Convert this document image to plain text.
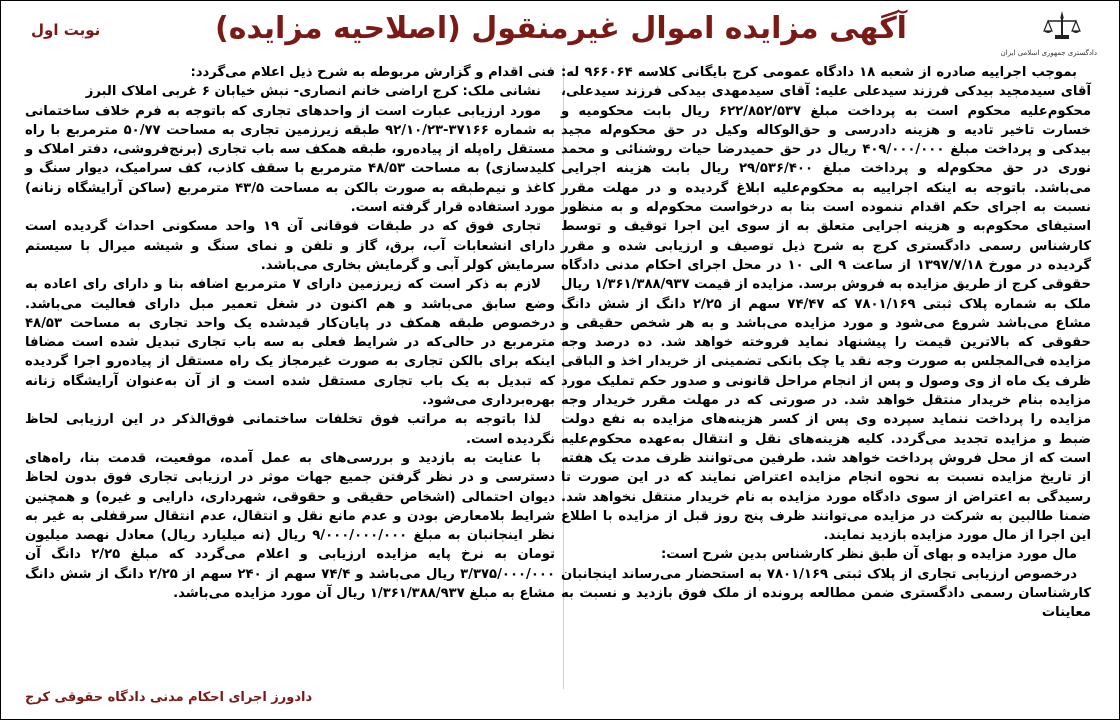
نوبت اول	آگهی مزایده اموال غیرمنقول (اصلاحیه مزایده)
دادگستری جمهوری اسلامی ایران

بموجب اجراییه صادره از شعبه ۱۸ دادگاه عمومی کرج بایگانی کلاسه ۹۶۶۰۶۴ له: آقای سیدمجید بیدکی فرزند سیدعلی علیه: آقای سیدمهدی بیدکی فرزند سیدعلی، محکوم‌علیه محکوم است به پرداخت مبلغ ۶۲۲/۸۵۲/۵۳۷ ریال بابت محکومیه و خسارت تاخیر تادیه و هزینه دادرسی و حق‌الوکاله وکیل در حق محکوم‌له مجید بیدکی و پرداخت مبلغ ۴۰۹/۰۰۰/۰۰۰ ریال در حق حمیدرضا حیات روشنائی و محمد نوری در حق محکوم‌له و پرداخت مبلغ ۲۹/۵۳۶/۴۰۰ ریال بابت هزینه اجرایی می‌باشد. باتوجه به اینکه اجراییه به محکوم‌علیه ابلاغ گردیده و در مهلت مقرر نسبت به اجرای حکم اقدام ننموده است بنا به درخواست محکوم‌له و به منظور استیفای محکوم‌به و هزینه اجرایی متعلق به از سوی این اجرا توقیف و توسط کارشناس رسمی دادگستری کرج به شرح ذیل توصیف و ارزیابی شده و مقرر گردیده در مورخ ۱۳۹۷/۷/۱۸ از ساعت ۹ الی ۱۰ در محل اجرای احکام مدنی دادگاه حقوقی کرج از طریق مزایده به فروش برسد. مزایده از قیمت ۱/۳۶۱/۳۸۸/۹۳۷ ریال ملک به شماره پلاک ثبتی ۷۸۰۱/۱۶۹ که ۷۴/۴۷ سهم از ۲/۲۵ دانگ از شش دانگ مشاع می‌باشد شروع می‌شود و مورد مزایده می‌باشد و به هر شخص حقیقی و حقوقی که بالاترین قیمت را پیشنهاد نماید فروخته خواهد شد. ده درصد وجه مزایده فی‌المجلس به صورت وجه نقد یا چک بانکی تضمینی از خریدار اخذ و الباقی ظرف یک ماه از وی وصول و پس از انجام مراحل قانونی و صدور حکم تملیک مورد مزایده بنام خریدار منتقل خواهد شد. در صورتی که در مهلت مقرر خریدار وجه مزایده را پرداخت ننماید سپرده وی پس از کسر هزینه‌های مزایده به نفع دولت ضبط و مزایده تجدید می‌گردد. کلیه هزینه‌های نقل و انتقال به‌عهده محکوم‌علیه است که از محل فروش پرداخت خواهد شد. طرفین می‌توانند ظرف مدت یک هفته از تاریخ مزایده نسبت به نحوه انجام مزایده اعتراض نمایند که در این صورت تا رسیدگی به اعتراض از سوی دادگاه مورد مزایده به نام خریدار منتقل نخواهد شد. ضمنا طالبین به شرکت در مزایده می‌توانند ظرف پنج روز قبل از مزایده با اطلاع این اجرا از مال مورد مزایده بازدید نمایند.

مال مورد مزایده و بهای آن طبق نظر کارشناس بدین شرح است:

درخصوص ارزیابی تجاری از پلاک ثبتی ۷۸۰۱/۱۶۹ به استحضار می‌رساند اینجانبان کارشناسان رسمی دادگستری ضمن مطالعه پرونده از ملک فوق بازدید و نسبت به معاینات

فنی اقدام و گزارش مربوطه به شرح ذیل اعلام می‌گردد:

نشانی ملک: کرج اراضی خانم انصاری- نبش خیابان ۶ غربی املاک البرز

مورد ارزیابی عبارت است از واحدهای تجاری که باتوجه به فرم خلاف ساختمانی به شماره ۳۷۱۶۶-۹۲/۱۰/۲۳ طبقه زیرزمین تجاری به مساحت ۵۰/۷۷ مترمربع با راه مستقل راه‌پله از پیاده‌رو، طبقه همکف سه باب تجاری (برنج‌فروشی، دفتر املاک و کلیدسازی) به مساحت ۴۸/۵۳ مترمربع با سقف کاذب، کف سرامیک، دیوار سنگ و کاغذ و نیم‌طبقه به صورت بالکن به مساحت ۴۳/۵ مترمربع (ساکن آرایشگاه زنانه) مورد استفاده قرار گرفته است.

تجاری فوق که در طبقات فوقانی آن ۱۹ واحد مسکونی احداث گردیده است دارای انشعابات آب، برق، گاز و تلفن و نمای سنگ و شیشه میرال با سیستم سرمایش کولر آبی و گرمایش بخاری می‌باشد.

لازم به ذکر است که زیرزمین دارای ۷ مترمربع اضافه بنا و دارای رای اعاده به وضع سابق می‌باشد و هم اکنون در شغل تعمیر مبل دارای فعالیت می‌باشد. درخصوص طبقه همکف در پایان‌کار قیدشده یک واحد تجاری به مساحت ۴۸/۵۳ مترمربع در حالی‌که در شرایط فعلی به سه باب تجاری تبدیل شده است مضافا اینکه برای بالکن تجاری به صورت غیرمجاز یک راه مستقل از پیاده‌رو اجرا گردیده که تبدیل به یک باب تجاری مستقل شده است و از آن به‌عنوان آرایشگاه زنانه بهره‌برداری می‌شود.

لذا باتوجه به مراتب فوق تخلفات ساختمانی فوق‌الذکر در این ارزیابی لحاظ نگردیده است.

با عنایت به بازدید و بررسی‌های به عمل آمده، موقعیت، قدمت بنا، راه‌های دسترسی و در نظر گرفتن جمیع جهات موثر در ارزیابی تجاری فوق بدون لحاظ دیوان احتمالی (اشخاص حقیقی و حقوقی، شهرداری، دارایی و غیره) و همچنین شرایط بلامعارض بودن و عدم مانع نقل و انتقال، عدم انتقال سرقفلی به غیر به نظر اینجانبان به مبلغ ۹/۰۰۰/۰۰۰/۰۰۰ ریال (نه میلیارد ریال) معادل نهصد میلیون تومان به نرخ پایه مزایده ارزیابی و اعلام می‌گردد که مبلغ ۲/۲۵ دانگ آن ۳/۳۷۵/۰۰۰/۰۰۰ ریال می‌باشد و ۷۴/۴ سهم از ۲۴۰ سهم از ۲/۲۵ دانگ از شش دانگ مشاع به مبلغ ۱/۳۶۱/۳۸۸/۹۳۷ ریال آن مورد مزایده می‌باشد.

دادورز اجرای احکام مدنی دادگاه حقوقی کرج
